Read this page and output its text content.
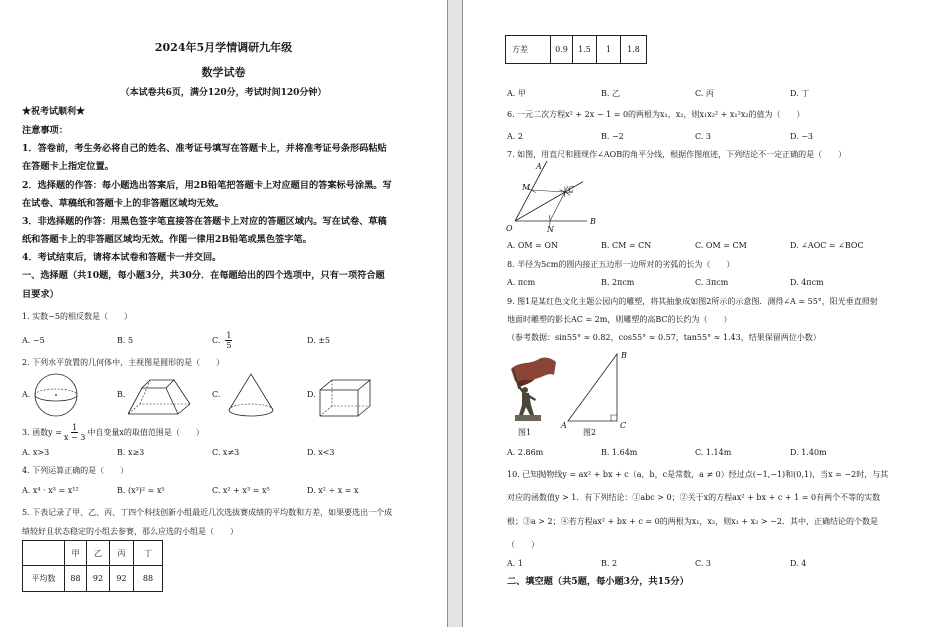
2024年5月学情调研九年级
数学试卷
（本试卷共6页，满分120分，考试时间120分钟）
★祝考试顺利★
注意事项：
1．答卷前，考生务必将自己的姓名、准考证号填写在答题卡上，并将准考证号条形码粘贴
在答题卡上指定位置。
2．选择题的作答：每小题选出答案后，用2B铅笔把答题卡上对应题目的答案标号涂黑。写
在试卷、草稿纸和答题卡上的非答题区域均无效。
3．非选择题的作答：用黑色签字笔直接答在答题卡上对应的答题区域内。写在试卷、草稿
纸和答题卡上的非答题区域均无效。作图一律用2B铅笔或黑色签字笔。
4．考试结束后，请将本试卷和答题卡一并交回。
一、选择题（共10题，每小题3分，共30分．在每题给出的四个选项中，只有一项符合题
目要求）
1. 实数−5的相反数是（　　）
A. −5	B. 5	C. $\frac{1}{5}$	D. ±5
2. 下列水平放置的几何体中，主视图是圆形的是（　　）
A.	B.	C.	D.
3. 函数$y = \frac{1}{x - 3}$ 中自变量x的取值范围是（　　）
A. x>3	B. x≥3	C. x≠3	D. x<3
4. 下列运算正确的是（　　）
A. x⁴ · x³ = x¹²	B. (x³)² = x⁵	C. x² + x³ = x⁵	D. x² ÷ x = x
5. 下表记录了甲、乙、丙、丁四个科技创新小组最近几次选拔赛成绩的平均数和方差，如果要选出一个成
绩较好且状态稳定的小组去参赛，那么应选的小组是（　　）
	甲	乙	丙	丁
平均数	88	92	92	88
方差	0.9	1.5	1	1.8
A. 甲	B. 乙	C. 丙	D. 丁
6. 一元二次方程x² + 2x − 1 = 0的两根为x₁，x₂，则x₁x₂² + x₁²x₂的值为（　　）
A. 2	B. −2	C. 3	D. −3
7. 如图，用直尺和圆规作∠AOB的角平分线，根据作图痕迹，下列结论不一定正确的是（　　）
O
A
B
M
N
C
A. OM = ON	B. CM = CN	C. OM = CM	D. ∠AOC = ∠BOC
8. 半径为5cm的圆内接正五边形一边所对的劣弧的长为（　　）
A. πcm	B. 2πcm	C. 3πcm	D. 4πcm
9. 图1是某红色文化主题公园内的雕塑，将其抽象成如图2所示的示意图．测得∠A = 55°，阳光垂直照射
地面时雕塑的影长AC = 2m，则雕塑的高BC的长约为（　　）
（参考数据：sin55° ≈ 0.82，cos55° ≈ 0.57，tan55° ≈ 1.43，结果保留两位小数）
B
A	C
图1	图2
A. 2.86m	B. 1.64m	C. 1.14m	D. 1.40m
10. 已知抛物线y = ax² + bx + c（a，b，c是常数，a ≠ 0）经过点(−1,−1)和(0,1)，当x = −2时，与其
对应的函数值y > 1．有下列结论：①abc > 0；②关于x的方程ax² + bx + c + 1 = 0有两个不等的实数
根；③a > 2；④若方程ax² + bx + c = 0的两根为x₁，x₂，则x₁ + x₂ > −2．其中，正确结论的个数是
（　　）
A. 1	B. 2	C. 3	D. 4
二、填空题（共5题，每小题3分，共15分）
